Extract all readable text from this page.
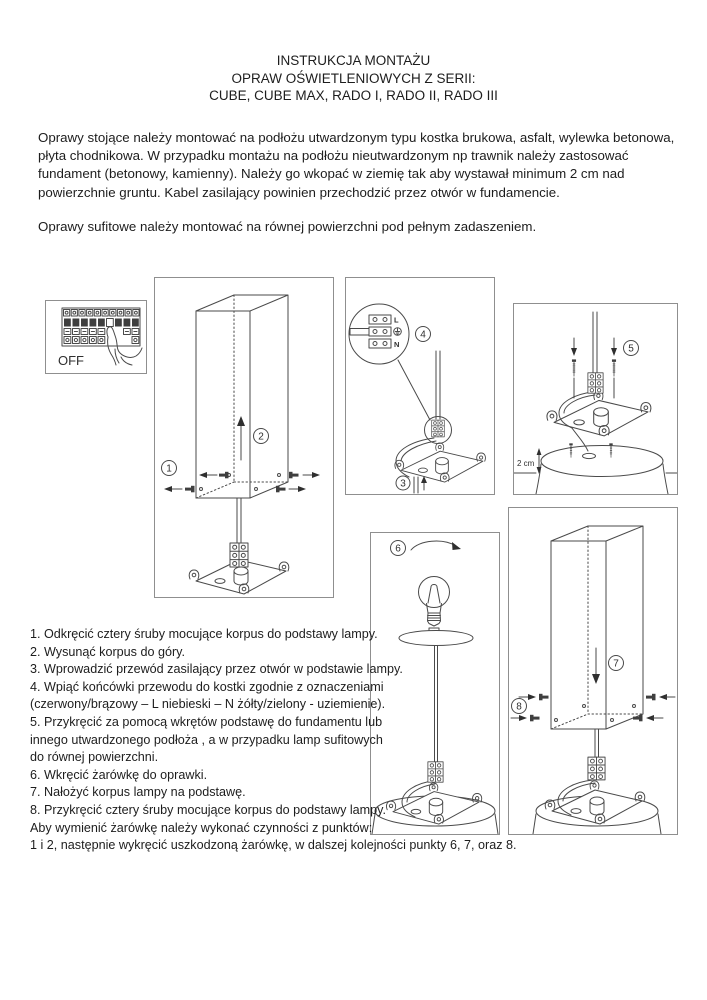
INSTRUKCJA MONTAŻU
OPRAW OŚWIETLENIOWYCH Z SERII:
CUBE, CUBE MAX, RADO I, RADO II, RADO III

Oprawy stojące należy montować na podłożu utwardzonym typu kostka brukowa, asfalt, wylewka betonowa, płyta chodnikowa. W przypadku montażu na podłożu nieutwardzonym np trawnik należy zastosować fundament (betonowy, kamienny). Należy go wkopać w ziemię tak aby wystawał minimum 2 cm nad powierzchnie gruntu. Kabel zasilający powinien przechodzić przez otwór w fundamencie.

Oprawy sufitowe należy montować na równej powierzchni pod pełnym zadaszeniem.

OFF
2
1
L
N
4
3
5
2 cm
6
7
8
1. Odkręcić cztery śruby mocujące korpus do podstawy lampy.
2. Wysunąć korpus do góry.
3. Wprowadzić przewód zasilający przez otwór w podstawie lampy.
4. Wpiąć końcówki przewodu do kostki zgodnie z oznaczeniami
(czerwony/brązowy – L niebieski – N żółty/zielony - uziemienie).
5. Przykręcić za pomocą wkrętów podstawę do fundamentu lub
innego utwardzonego podłoża , a w przypadku lamp sufitowych
do równej powierzchni.
6. Wkręcić żarówkę do oprawki.
7. Nałożyć korpus lampy na podstawę.
8. Przykręcić cztery śruby mocujące korpus do podstawy lampy.
Aby wymienić żarówkę należy wykonać czynności z punktów:
1 i 2, następnie wykręcić uszkodzoną żarówkę, w dalszej kolejności punkty 6, 7, oraz 8.
